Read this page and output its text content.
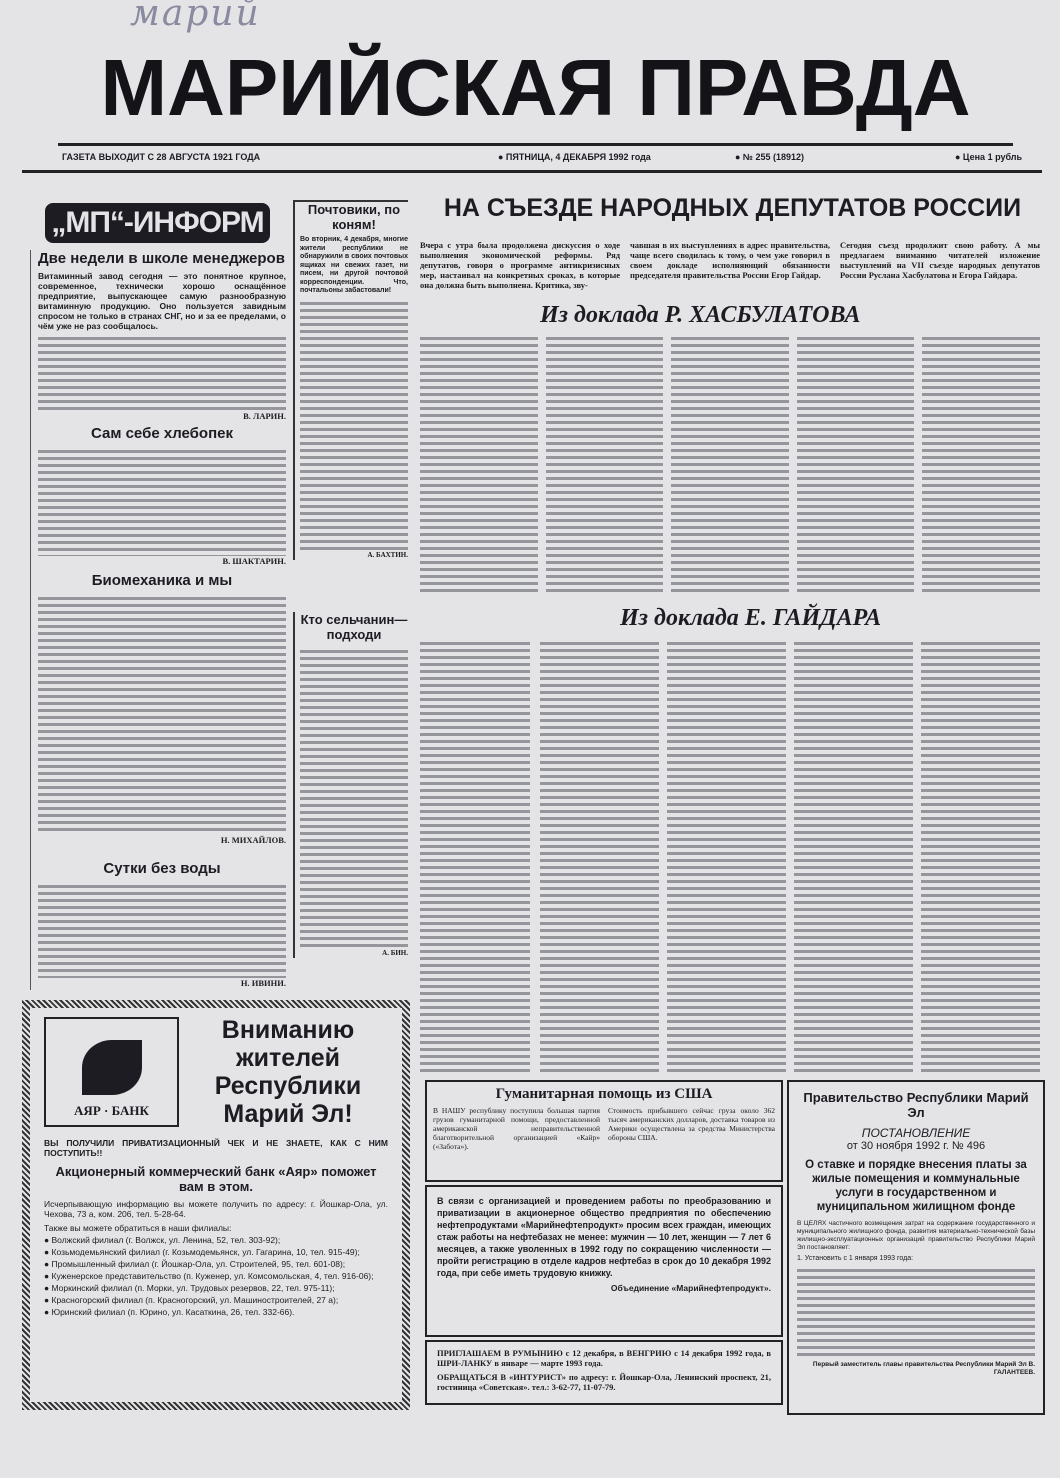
марий
МАРИЙСКАЯ ПРАВДА
ГАЗЕТА ВЫХОДИТ С 28 АВГУСТА 1921 ГОДА	● ПЯТНИЦА, 4 ДЕКАБРЯ 1992 года	● № 255 (18912)	● Цена 1 рубль
„МП“-ИНФОРМ
Две недели в школе менеджеров
Витаминный завод сегодня — это понятное крупное, современное, технически хорошо оснащённое предприятие, выпускающее самую разнообразную витаминную продукцию. Оно пользуется завидным спросом не только в странах СНГ, но и за ее пределами, о чём уже не раз сообщалось.
В. ЛАРИН.
Сам себе хлебопек
В. ШАКТАРИН.
Биомеханика и мы
Н. МИХАЙЛОВ.
Сутки без воды
Н. ИВИНИ.
Почтовики, по коням!
Во вторник, 4 декабря, многие жители республики не обнаружили в своих почтовых ящиках ни свежих газет, ни писем, ни другой почтовой корреспонденции. Что, почтальоны забастовали!
А. БАХТИН.
Кто сельчанин— подходи
А. БИН.
АЯР · БАНК
Вниманию жителей Республики Марий Эл!
ВЫ ПОЛУЧИЛИ ПРИВАТИЗАЦИОННЫЙ ЧЕК И НЕ ЗНАЕТЕ, КАК С НИМ ПОСТУПИТЬ!!
Акционерный коммерческий банк «Аяр» поможет вам в этом.
Исчерпывающую информацию вы можете получить по адресу: г. Йошкар-Ола, ул. Чехова, 73 а, ком. 206, тел. 5-28-64.
Также вы можете обратиться в наши филиалы:
● Волжский филиал (г. Волжск, ул. Ленина, 52, тел. 303-92);
● Козьмодемьянский филиал (г. Козьмодемьянск, ул. Гагарина, 10, тел. 915-49);
● Промышленный филиал (г. Йошкар-Ола, ул. Строителей, 95, тел. 601-08);
● Куженерское представительство (п. Куженер, ул. Комсомольская, 4, тел. 916-06);
● Моркинский филиал (п. Морки, ул. Трудовых резервов, 22, тел. 975-11);
● Красногорский филиал (п. Красногорский, ул. Машиностроителей, 27 а);
● Юринский филиал (п. Юрино, ул. Касаткина, 26, тел. 332-66).
НА СЪЕЗДЕ НАРОДНЫХ ДЕПУТАТОВ РОССИИ
Вчера с утра была продолжена дискуссия о ходе выполнения экономической реформы. Ряд депутатов, говоря о программе антикризисных мер, настаивал на конкретных сроках, в которые она должна быть выполнена. Критика, зву-
чавшая в их выступлениях в адрес правительства, чаще всего сводилась к тому, о чем уже говорил в своем докладе исполняющий обязанности председателя правительства России Егор Гайдар.
Сегодня съезд продолжит свою работу. А мы предлагаем вниманию читателей изложение выступлений на VII съезде народных депутатов России Руслана Хасбулатова и Егора Гайдара.
Из доклада Р. ХАСБУЛАТОВА
Из доклада Е. ГАЙДАРА
Гуманитарная помощь из США
В НАШУ республику поступила большая партия грузов гуманитарной помощи, предоставленной американской неправительственной благотворительной организацией «Кайр» («Забота»).
Стоимость прибывшего сейчас груза около 362 тысяч американских долларов, доставка товаров из Америки осуществлена за средства Министерства обороны США.
В связи с организацией и проведением работы по преобразованию и приватизации в акционерное общество предприятия по обеспечению нефтепродуктами «Марийнефтепродукт» просим всех граждан, имеющих стаж работы на нефтебазах не менее: мужчин — 10 лет, женщин — 7 лет 6 месяцев, а также уволенных в 1992 году по сокращению численности — пройти регистрацию в отделе кадров нефтебаз в срок до 10 декабря 1992 года, при себе иметь трудовую книжку.
Объединение «Марийнефтепродукт».
ПРИГЛАШАЕМ В РУМЫНИЮ с 12 декабря, в ВЕНГРИЮ с 14 декабря 1992 года, в ШРИ-ЛАНКУ в январе — марте 1993 года.
ОБРАЩАТЬСЯ В «ИНТУРИСТ» по адресу: г. Йошкар-Ола, Ленинский проспект, 21, гостиница «Советская». тел.: 3-62-77, 11-07-79.
Правительство Республики Марий Эл
ПОСТАНОВЛЕНИЕ
от 30 ноября 1992 г. № 496
О ставке и порядке внесения платы за жилые помещения и коммунальные услуги в государственном и муниципальном жилищном фонде
В ЦЕЛЯХ частичного возмещения затрат на содержание государственного и муниципального жилищного фонда, развития материально-технической базы жилищно-эксплуатационных организаций правительство Республики Марий Эл постановляет:
1. Установить с 1 января 1993 года:
Первый заместитель главы правительства Республики Марий Эл В. ГАЛАНТЕЕВ.
